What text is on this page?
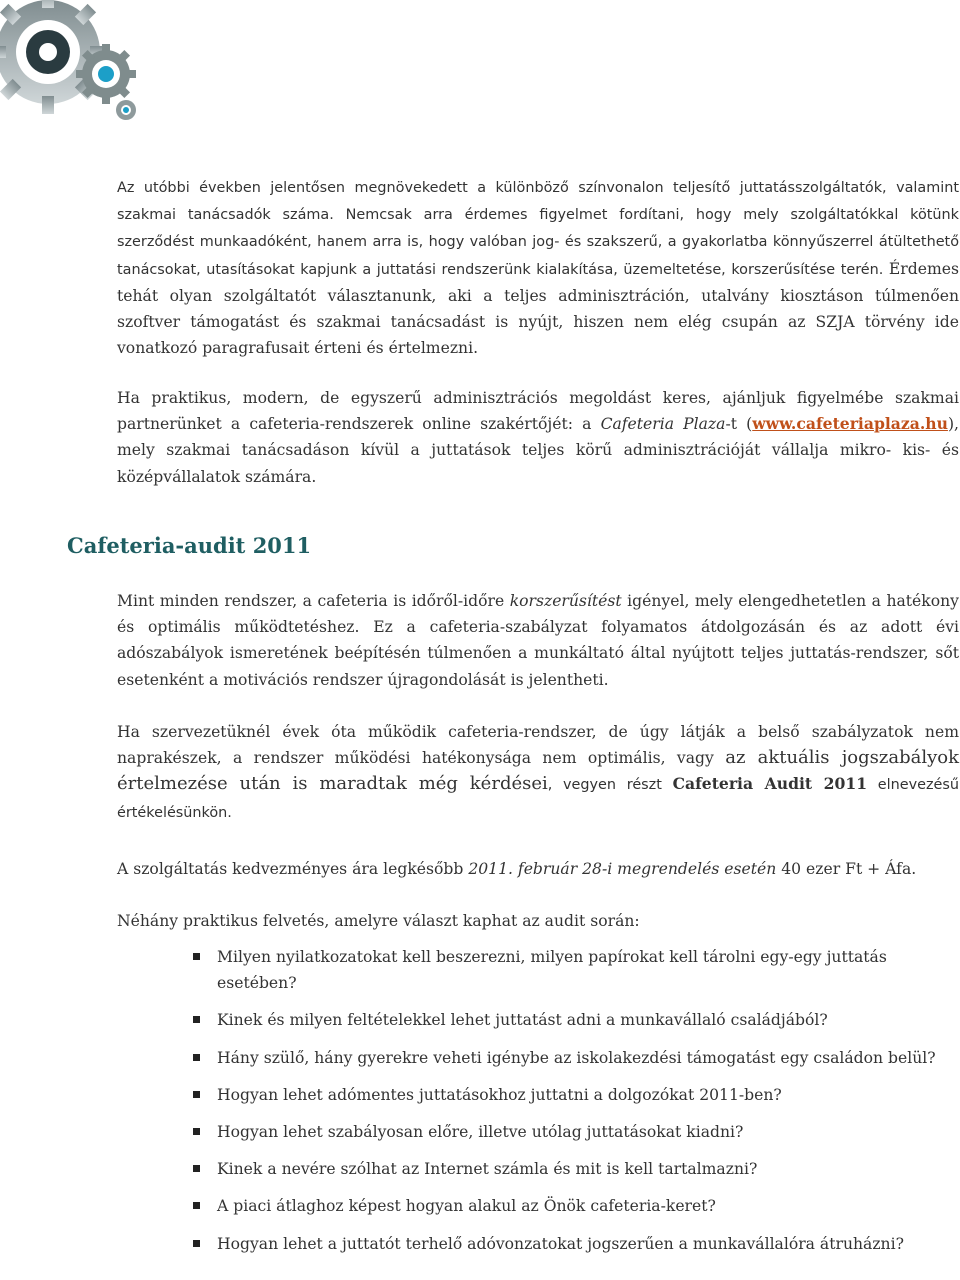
Az utóbbi években jelentősen megnövekedett a különböző színvonalon teljesítő juttatásszolgáltatók, valamint szakmai tanácsadók száma. Nemcsak arra érdemes figyelmet fordítani, hogy mely szolgáltatókkal kötünk szerződést munkaadóként, hanem arra is, hogy valóban jog- és szakszerű, a gyakorlatba könnyűszerrel átültethető tanácsokat, utasításokat kapjunk a juttatási rendszerünk kialakítása, üzemeltetése, korszerűsítése terén. Érdemes tehát olyan szolgáltatót választanunk, aki a teljes adminisztráción, utalvány kiosztáson túlmenően szoftver támogatást és szakmai tanácsadást is nyújt, hiszen nem elég csupán az SZJA törvény ide vonatkozó paragrafusait érteni és értelmezni.

Ha praktikus, modern, de egyszerű adminisztrációs megoldást keres, ajánljuk figyelmébe szakmai partnerünket a cafeteria-rendszerek online szakértőjét: a Cafeteria Plaza-t (www.cafeteriaplaza.hu), mely szakmai tanácsadáson kívül a juttatások teljes körű adminisztrációját vállalja mikro- kis- és középvállalatok számára.

Cafeteria-audit 2011

Mint minden rendszer, a cafeteria is időről-időre korszerűsítést igényel, mely elengedhetetlen a hatékony és optimális működtetéshez. Ez a cafeteria-szabályzat folyamatos átdolgozásán és az adott évi adószabályok ismeretének beépítésén túlmenően a munkáltató által nyújtott teljes juttatás-rendszer, sőt esetenként a motivációs rendszer újragondolását is jelentheti.

Ha szervezetüknél évek óta működik cafeteria-rendszer, de úgy látják a belső szabályzatok nem naprakészek, a rendszer működési hatékonysága nem optimális, vagy az aktuális jogszabályok értelmezése után is maradtak még kérdései, vegyen részt Cafeteria Audit 2011 elnevezésű értékelésünkön.

A szolgáltatás kedvezményes ára legkésőbb 2011. február 28-i megrendelés esetén 40 ezer Ft + Áfa.

Néhány praktikus felvetés, amelyre választ kaphat az audit során:

Milyen nyilatkozatokat kell beszerezni, milyen papírokat kell tárolni egy-egy juttatás esetében?
Kinek és milyen feltételekkel lehet juttatást adni a munkavállaló családjából?
Hány szülő, hány gyerekre veheti igénybe az iskolakezdési támogatást egy családon belül?
Hogyan lehet adómentes juttatásokhoz juttatni a dolgozókat 2011-ben?
Hogyan lehet szabályosan előre, illetve utólag juttatásokat kiadni?
Kinek a nevére szólhat az Internet számla és mit is kell tartalmazni?
A piaci átlaghoz képest hogyan alakul az Önök cafeteria-keret?
Hogyan lehet a juttatót terhelő adóvonzatokat jogszerűen a munkavállalóra átruházni?
